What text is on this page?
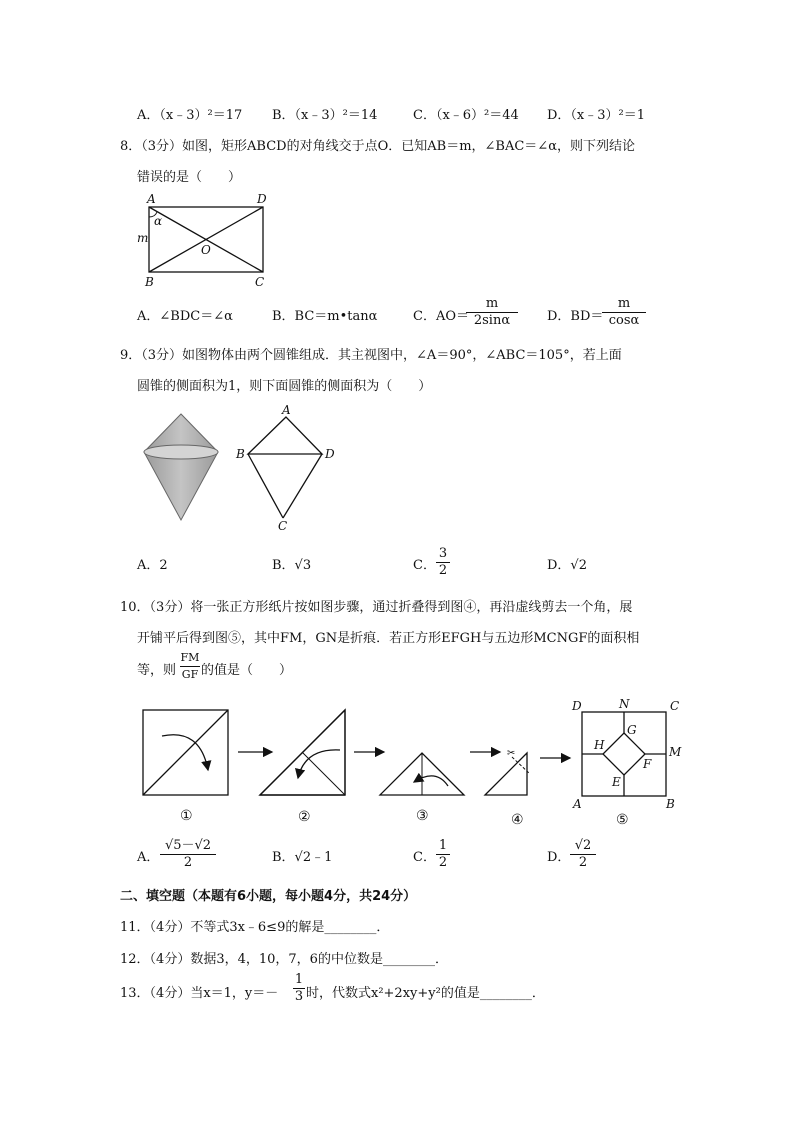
A．（x﹣3）²＝17 B．（x﹣3）²＝14	C．（x﹣6）²＝44 D．（x﹣3）²＝1
8．（3分）如图，矩形ABCD的对角线交于点O．已知AB＝m，∠BAC＝∠α，则下列结论
错误的是（　　）
A	D
B	C
O
m
α
A．∠BDC＝∠α	B．BC＝m•tanα	C．AO＝
m
2sinα	D．BD＝
m
cosα
9．（3分）如图物体由两个圆锥组成．其主视图中，∠A＝90°，∠ABC＝105°，若上面
圆锥的侧面积为1，则下面圆锥的侧面积为（　　）
A
B	D
C
A．2	B．√3	C．
3
2	D．√2
10．（3分）将一张正方形纸片按如图步骤，通过折叠得到图④，再沿虚线剪去一个角，展
开铺平后得到图⑤，其中FM，GN是折痕．若正方形EFGH与五边形MCNGF的面积相
等，则
FM
GF 的值是（　　）
✂
D	N	C
M
A	B
G
H
F
E
①	②	③	④	⑤
A．
√5－√2
2	B．√2﹣1	C．
1
2	D．
√2
2
二、填空题（本题有6小题，每小题4分，共24分）
11．（4分）不等式3x﹣6≤9的解是________．
12．（4分）数据3，4，10，7，6的中位数是________．
13．（4分）当x＝1，y＝－
1
3 时，代数式x²+2xy+y²的值是________．
